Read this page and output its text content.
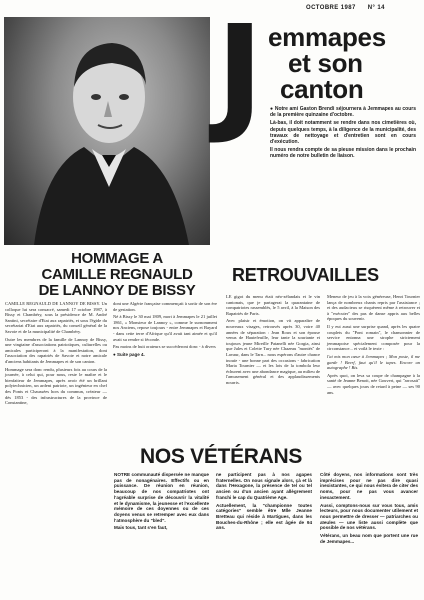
OCTOBRE 1987 N° 14
J emmapes
et son
canton

● Notre ami Gaston Brendi séjournera à Jemmapes au cours de la première quinzaine d'octobre.

Là-bas, il doit notamment se rendre dans nos cimetières où, depuis quelques temps, à la diligence de la municipalité, des travaux de nettoyage et d'entretien sont en cours d'exécution.

Il nous rendra compte de sa pieuse mission dans le prochain numéro de notre bulletin de liaison.

RETROUVAILLES

LE gigot du menu était néo-zélandais et le vin cantonais, que je partagerai la quarantaine de compatriotes rassemblés, le 5 avril, à la Maison des Rapatriés de Paris.

Avec plaisir et émotion, on vit apparaître de nouveaux visages, retrouvés après 30, voire 40 années de séparation : Jean Roux et son épouse venus de Hautefeuille, leur tante la souriante et toujours jeune Mireille Patanelli née Gorgia, ainsi que Jules et Colette Tury née Chazeau "montés" de Lavaur, dans le Tarn... nous espérons d'autre chance inouïe - une bonne part des occasions - fabrication Maria Tournier — et les lots de la tombola leur échurent avec une abondance magique, au milieu de l'amusement général et des applaudissements nourris.

Meneur de jeu à la voix généreuse, Henri Tournier lança de nombreux chants repris par l'assistance ; et des audacieux se risquèrent même à retrouver et à "exécuter" des pas de danse appris aux belles époques du souvenir.

Il y eut aussi une surprise quand, après les quatre couplets du "Pont romain", le chansonnier de service entonna une strophe strictement jemmapoise spécialement composée pour la circonstance... et voilà le texte :

l'ai mis mon cœur à Jemmapes ; Mon poste, il me garde ! Beerf, faut qu'il le tapes. Encore un autographe ! Bis.

Après quoi, on leva sa coupe de champagne à la santé de Jeanne Benoit, née Gouvert, qui "arrosait" — avec quelques jours de retard à peine — ses 90 ans.

HOMMAGE A
CAMILLE REGNAULD
DE LANNOY DE BISSY

CAMILLE REGNAULD DE LANNOY DE BISSY. Un colloque lui sera consacré, samedi 17 octobre 1987, à Bissy et Chambéry, sous la présidence de M. André Santini, secrétaire d'Etat aux rapatriés, et sous l'égide du secrétariat d'Etat aux rapatriés, du conseil général de la Savoie et de la municipalité de Chambéry.

Outre les membres de la famille de Lannoy de Bissy, une vingtaine d'associations patriotiques, culturelles ou amicales participeront à la manifestation, dont l'association des rapatriés de Savoie et notre amicale d'anciens habitants de Jemmapes et de son canton.

Hommage sera donc rendu, plusieurs fois au cours de la journée, à celui qui, pour nous, reste le maître et le bienfaiteur de Jemmapes, après avoir été un brillant polytechnicien, un ardent patriote, un ingénieur en chef des Ponts et Chaussées hors du commun, créateur — dès 1853 - des infrastructures de la province de Constantine,

dont une Algérie française commençait à sortir de son ère de gestation.

Né à Bissy le 30 mai 1809, mort à Jemmapes le 21 juillet 1861, « Monsieur de Lannoy », comme le surnomment nos Anciens, repose toujours - entre Jemmapes et Bayard - dans cette terre d'Afrique qu'il avait tant aimée et qu'il avait su rendre si féconde.

Pas moins de huit orateurs se succéderont donc - à divers

● Suite page 4.

NOS VÉTÉRANS

NOTRE communauté dispersée ne manque pas de nonagénaires. Effectifs ou en puissance. De réunion en réunion, beaucoup de nos compatriotes ont l'agréable surprise de découvrir la vitalité et le dynamisme, la jeunesse et l'excellente mémoire de ces doyennes ou de ces doyens venus se retremper avec eux dans l'atmosphère du "bled".

Mais tous, tant s'en faut,

ne participent pas à nos agapes fraternelles. On nous signale alors, çà et là dans l'Hexagone, la présence de tel ou tel ancien ou d'un ancien ayant allègrement franchi le cap du Quatrième Age.

Actuellement, la "championne toutes catégories" semble être Mlle Jeanne Bretteau qui réside à Martigues, dans les Bouches-du-Rhône ; elle est âgée de 94 ans.

Côté doyens, nos informations sont très imprécises pour ne pas dire quasi inexistantes, ce qui nous évitera de citer des noms, pour ne pas vous avancer inexactement.

Aussi, comptons-nous sur vous tous, amis lecteurs, pour nous documenter utilement et nous permettre de dresser — patriarches ou aïeules — une liste aussi complète que possible de nos vétérans.

Vétérans, un beau nom que portent une rue de Jemmapes...
